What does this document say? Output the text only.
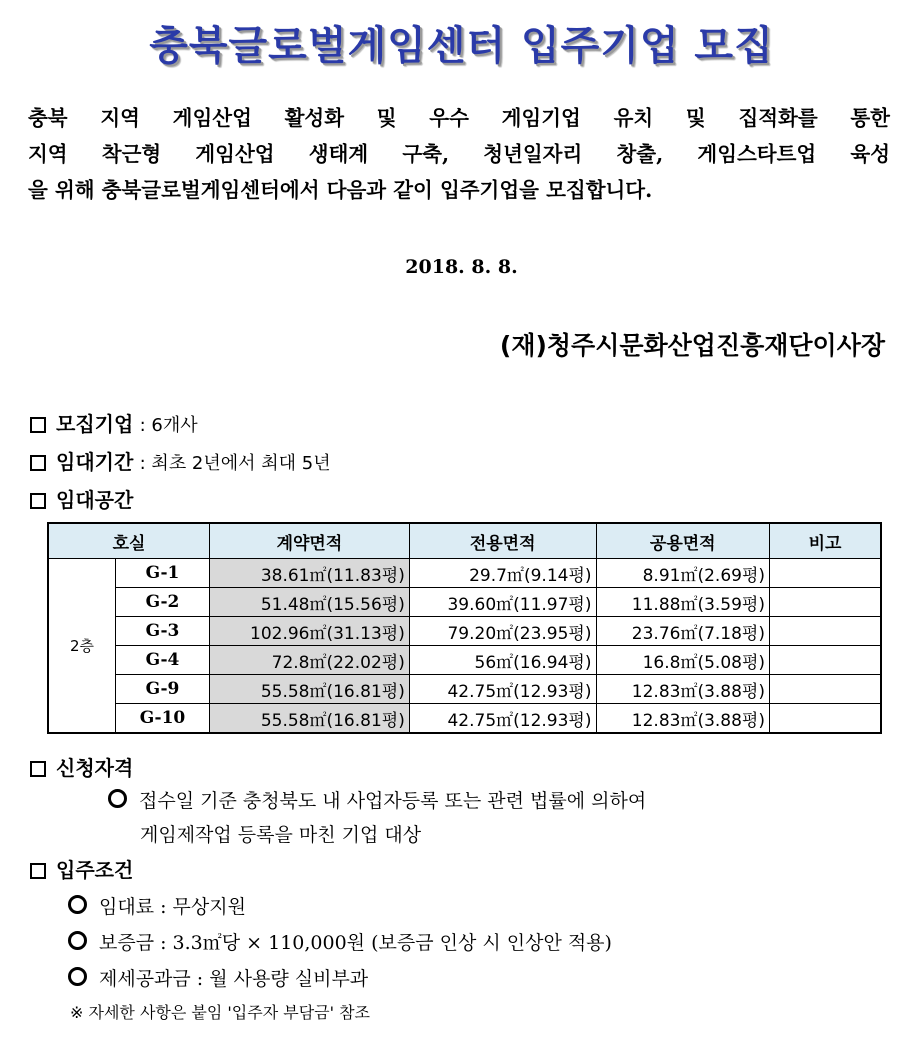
충북글로벌게임센터 입주기업 모집
충북 지역 게임산업 활성화 및 우수 게임기업 유치 및 집적화를 통한
지역 착근형 게임산업 생태계 구축, 청년일자리 창출, 게임스타트업 육성
을 위해 충북글로벌게임센터에서 다음과 같이 입주기업을 모집합니다.
2018. 8. 8.
(재)청주시문화산업진흥재단이사장
모집기업 : 6개사
임대기간 : 최초 2년에서 최대 5년
임대공간
호실		계약면적	전용면적	공용면적	비고
2층	G-1	38.61㎡(11.83평)	29.7㎡(9.14평)	8.91㎡(2.69평)	
	G-2	51.48㎡(15.56평)	39.60㎡(11.97평)	11.88㎡(3.59평)	
	G-3	102.96㎡(31.13평)	79.20㎡(23.95평)	23.76㎡(7.18평)	
	G-4	72.8㎡(22.02평)	56㎡(16.94평)	16.8㎡(5.08평)	
	G-9	55.58㎡(16.81평)	42.75㎡(12.93평)	12.83㎡(3.88평)	
	G-10	55.58㎡(16.81평)	42.75㎡(12.93평)	12.83㎡(3.88평)	
신청자격
접수일 기준 충청북도 내 사업자등록 또는 관련 법률에 의하여
게임제작업 등록을 마친 기업 대상
입주조건
임대료 : 무상지원
보증금 : 3.3㎡당 × 110,000원 (보증금 인상 시 인상안 적용)
제세공과금 : 월 사용량 실비부과
※ 자세한 사항은 붙임 '입주자 부담금' 참조
